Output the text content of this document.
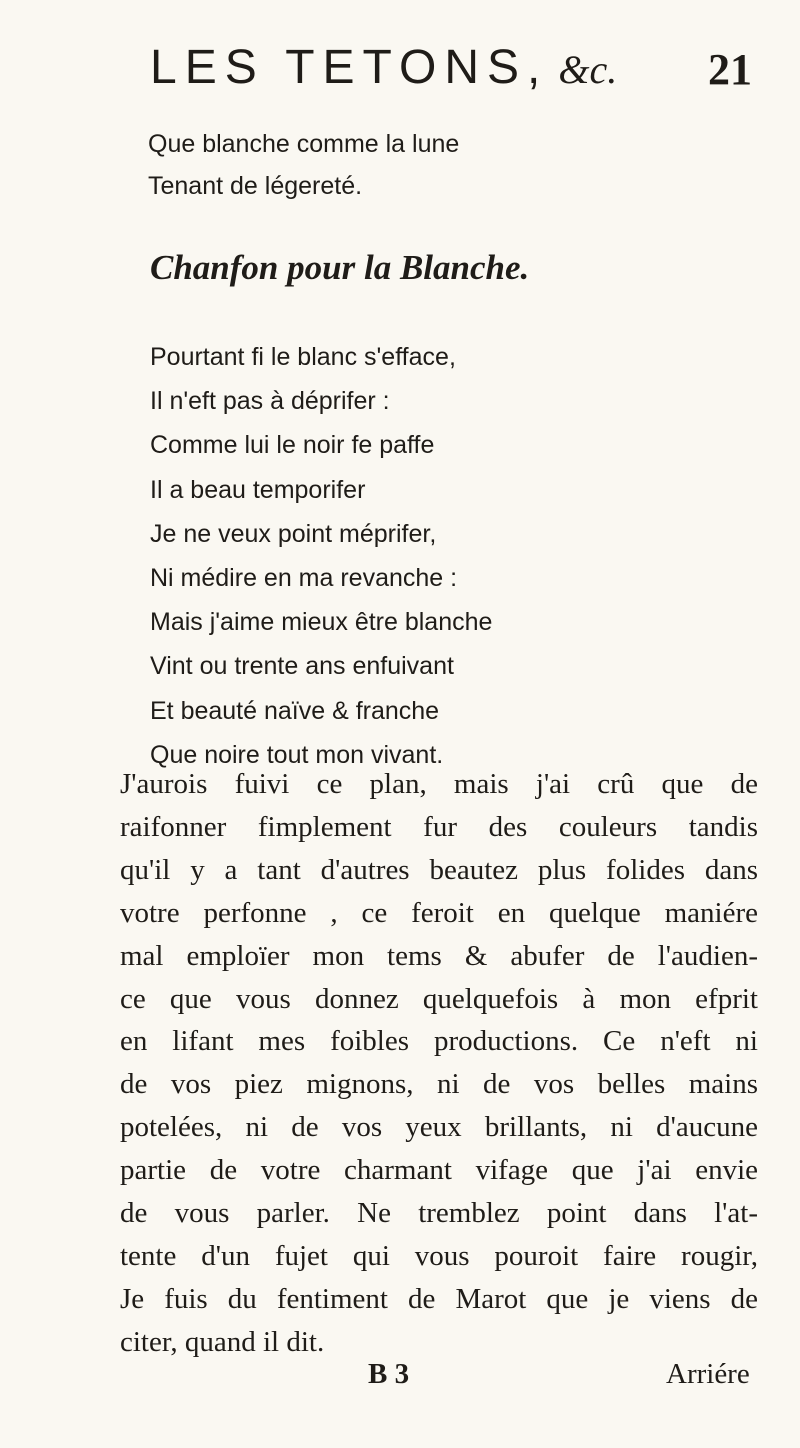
LES TETONS, &c. 21
Que blanche comme la lune
Tenant de légereté.
Chanfon pour la Blanche.
Pourtant fi le blanc s'efface,
Il n'eft pas à déprifer :
Comme lui le noir fe paffe
Il a beau temporifer
Je ne veux point méprifer,
Ni médire en ma revanche :
Mais j'aime mieux être blanche
Vint ou trente ans enfuivant
Et beauté naïve & franche
Que noire tout mon vivant.
J'aurois fuivi ce plan, mais j'ai crû que de
raifonner fimplement fur des couleurs tandis
qu'il y a tant d'autres beautez plus folides dans
votre perfonne , ce feroit en quelque maniére
mal emploïer mon tems & abufer de l'audien-
ce que vous donnez quelquefois à mon efprit
en lifant mes foibles productions. Ce n'eft ni
de vos piez mignons, ni de vos belles mains
potelées, ni de vos yeux brillants, ni d'aucune
partie de votre charmant vifage que j'ai envie
de vous parler. Ne tremblez point dans l'at-
tente d'un fujet qui vous pouroit faire rougir,
Je fuis du fentiment de Marot que je viens de
citer, quand il dit.
B 3	Arriére
